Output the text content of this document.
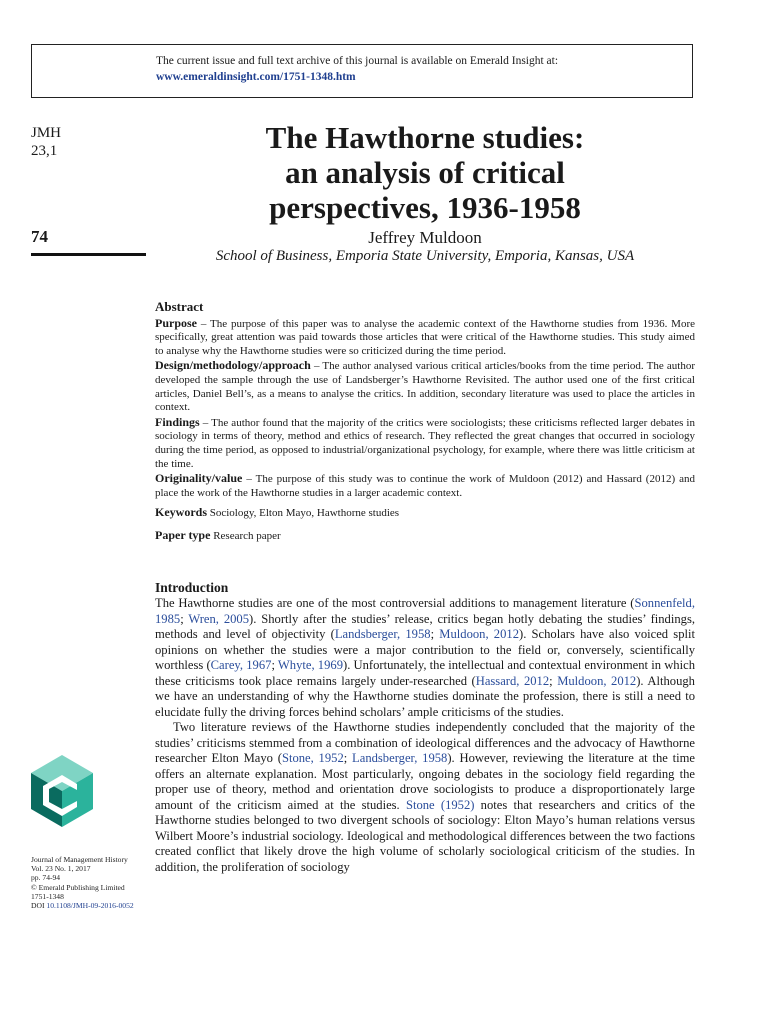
The current issue and full text archive of this journal is available on Emerald Insight at:
www.emeraldinsight.com/1751-1348.htm
JMH
23,1
74
The Hawthorne studies:
an analysis of critical
perspectives, 1936-1958
Jeffrey Muldoon
School of Business, Emporia State University, Emporia, Kansas, USA
Abstract

Purpose – The purpose of this paper was to analyse the academic context of the Hawthorne studies from 1936. More specifically, great attention was paid towards those articles that were critical of the Hawthorne studies. This study aimed to analyse why the Hawthorne studies were so criticized during the time period.

Design/methodology/approach – The author analysed various critical articles/books from the time period. The author developed the sample through the use of Landsberger’s Hawthorne Revisited. The author used one of the first critical articles, Daniel Bell’s, as a means to analyse the critics. In addition, secondary literature was used to place the articles in context.

Findings – The author found that the majority of the critics were sociologists; these criticisms reflected larger debates in sociology in terms of theory, method and ethics of research. They reflected the great changes that occurred in sociology during the time period, as opposed to industrial/organizational psychology, for example, where there was little criticism at the time.

Originality/value – The purpose of this study was to continue the work of Muldoon (2012) and Hassard (2012) and place the work of the Hawthorne studies in a larger academic context.

Keywords Sociology, Elton Mayo, Hawthorne studies

Paper type Research paper

Introduction

The Hawthorne studies are one of the most controversial additions to management literature (Sonnenfeld, 1985; Wren, 2005). Shortly after the studies’ release, critics began hotly debating the studies’ findings, methods and level of objectivity (Landsberger, 1958; Muldoon, 2012). Scholars have also voiced split opinions on whether the studies were a major contribution to the field or, conversely, scientifically worthless (Carey, 1967; Whyte, 1969). Unfortunately, the intellectual and contextual environment in which these criticisms took place remains largely under-researched (Hassard, 2012; Muldoon, 2012). Although we have an understanding of why the Hawthorne studies dominate the profession, there is still a need to elucidate fully the driving forces behind scholars’ ample criticisms of the studies.

Two literature reviews of the Hawthorne studies independently concluded that the majority of the studies’ criticisms stemmed from a combination of ideological differences and the advocacy of Hawthorne researcher Elton Mayo (Stone, 1952; Landsberger, 1958). However, reviewing the literature at the time offers an alternate explanation. Most particularly, ongoing debates in the sociology field regarding the proper use of theory, method and orientation drove sociologists to produce a disproportionately large amount of the criticism aimed at the studies. Stone (1952) notes that researchers and critics of the Hawthorne studies belonged to two divergent schools of sociology: Elton Mayo’s human relations versus Wilbert Moore’s industrial sociology. Ideological and methodological differences between the two factions created conflict that likely drove the high volume of scholarly sociological criticism of the studies. In addition, the proliferation of sociology

Journal of Management History
Vol. 23 No. 1, 2017
pp. 74-94
© Emerald Publishing Limited
1751-1348
DOI 10.1108/JMH-09-2016-0052
